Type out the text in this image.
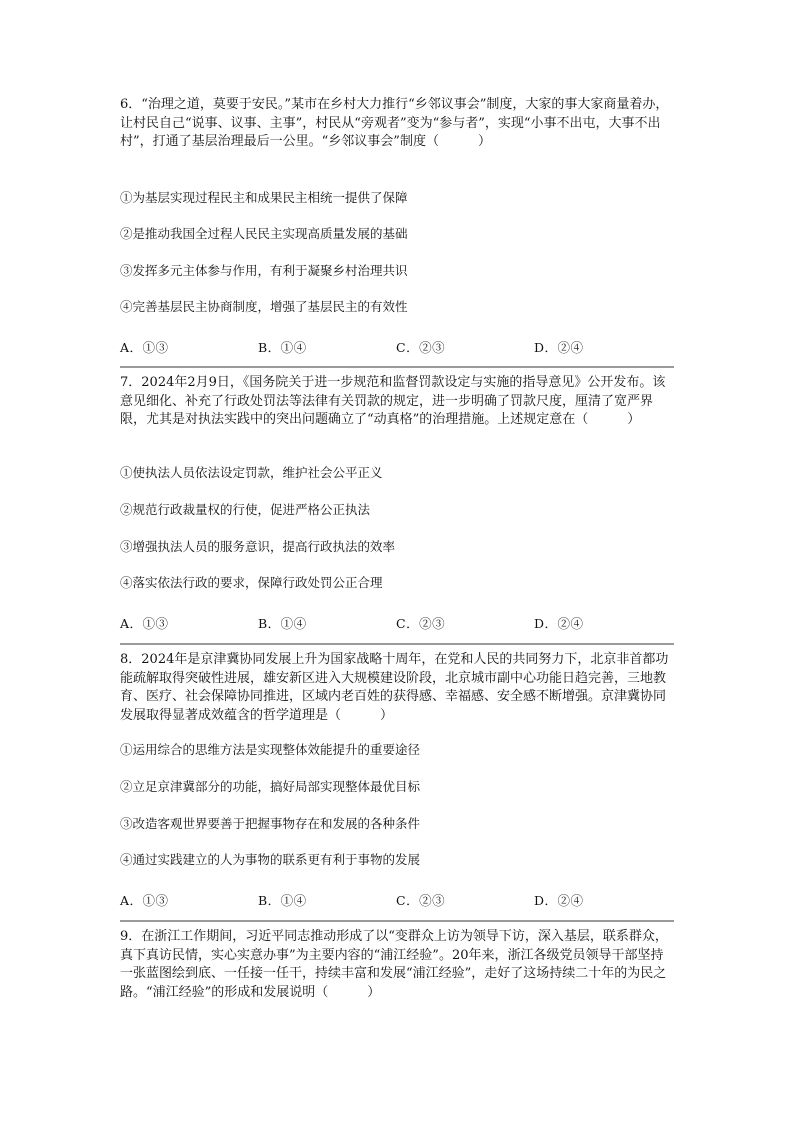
6．“治理之道，莫要于安民。”某市在乡村大力推行“乡邻议事会”制度，大家的事大家商量着办，让村民自己“说事、议事、主事”，村民从“旁观者”变为“参与者”，实现“小事不出屯，大事不出村”，打通了基层治理最后一公里。“乡邻议事会”制度（　　　）

①为基层实现过程民主和成果民主相统一提供了保障

②是推动我国全过程人民民主实现高质量发展的基础

③发挥多元主体参与作用，有利于凝聚乡村治理共识

④完善基层民主协商制度，增强了基层民主的有效性

A．①③	B．①④	C．②③	D．②④

7．2024年2月9日，《国务院关于进一步规范和监督罚款设定与实施的指导意见》公开发布。该意见细化、补充了行政处罚法等法律有关罚款的规定，进一步明确了罚款尺度，厘清了宽严界限，尤其是对执法实践中的突出问题确立了“动真格”的治理措施。上述规定意在（　　　）

①使执法人员依法设定罚款，维护社会公平正义

②规范行政裁量权的行使，促进严格公正执法

③增强执法人员的服务意识，提高行政执法的效率

④落实依法行政的要求，保障行政处罚公正合理

A．①③	B．①④	C．②③	D．②④

8．2024年是京津冀协同发展上升为国家战略十周年，在党和人民的共同努力下，北京非首都功能疏解取得突破性进展，雄安新区进入大规模建设阶段，北京城市副中心功能日趋完善，三地教育、医疗、社会保障协同推进，区域内老百姓的获得感、幸福感、安全感不断增强。京津冀协同发展取得显著成效蕴含的哲学道理是（　　　）

①运用综合的思维方法是实现整体效能提升的重要途径

②立足京津冀部分的功能，搞好局部实现整体最优目标

③改造客观世界要善于把握事物存在和发展的各种条件

④通过实践建立的人为事物的联系更有利于事物的发展

A．①③	B．①④	C．②③	D．②④

9．在浙江工作期间，习近平同志推动形成了以“变群众上访为领导下访，深入基层，联系群众，真下真访民情，实心实意办事”为主要内容的“浦江经验”。20年来，浙江各级党员领导干部坚持一张蓝图绘到底、一任接一任干，持续丰富和发展“浦江经验”，走好了这场持续二十年的为民之路。“浦江经验”的形成和发展说明（　　　）
